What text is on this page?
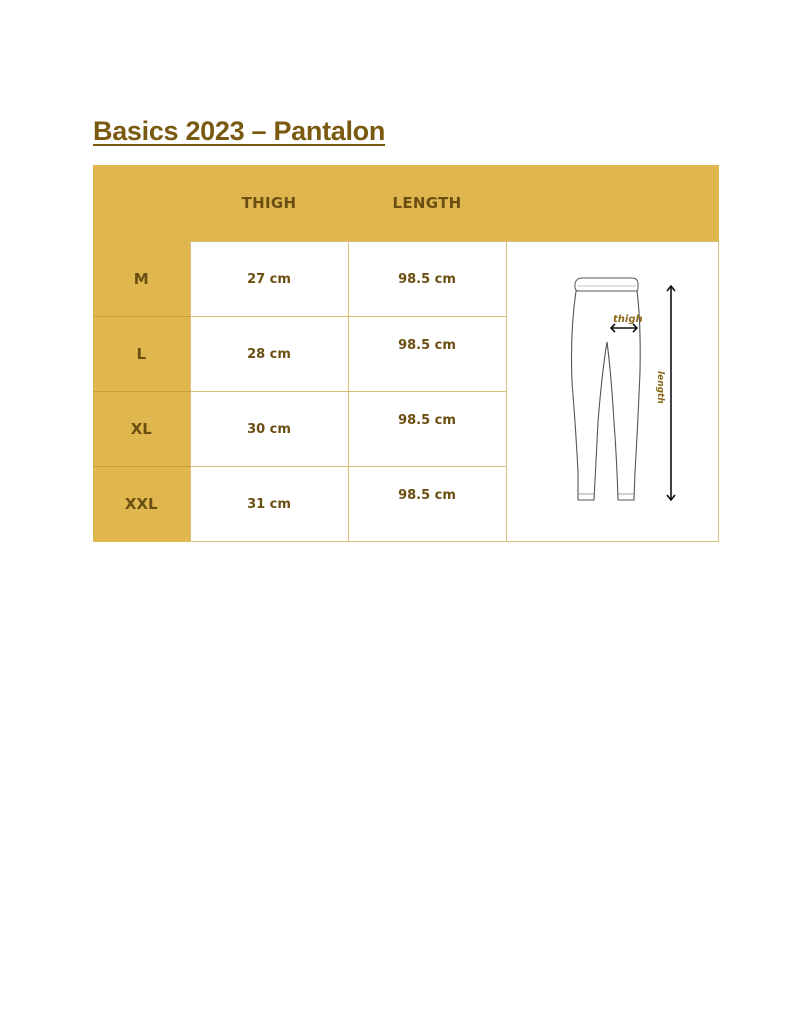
Basics 2023 – Pantalon
	THIGH	LENGTH	
M	27 cm	98.5 cm	thigh
length

L	28 cm	98.5 cm	
XL	30 cm	98.5 cm	
XXL	31 cm	98.5 cm	
